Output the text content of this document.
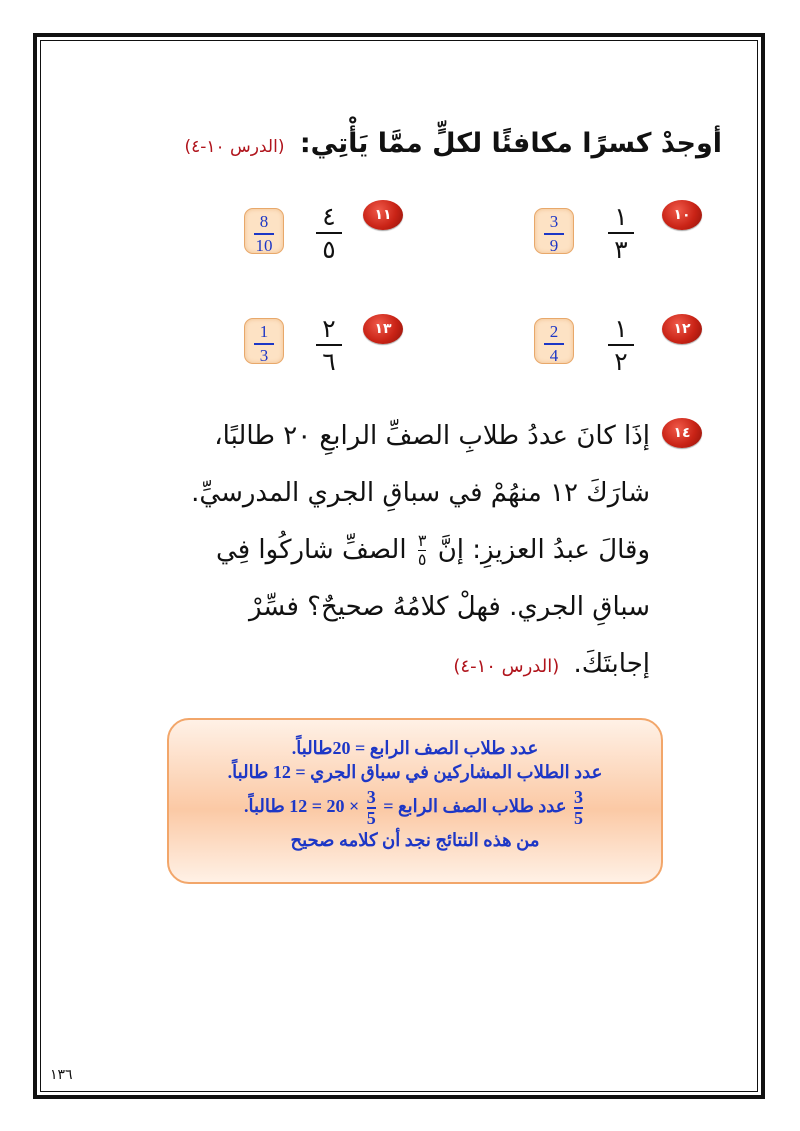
أوجدْ كسرًا مكافئًا لكلٍّ ممَّا يَأْتِي: (الدرس ١٠-٤)
١٠
١
٣
3
9
١١
٤
٥
8
10
١٢
١
٢
2
4
١٣
٢
٦
1
3
١٤
إذَا كانَ عددُ طلابِ الصفِّ الرابعِ ٢٠ طالبًا،
شارَكَ ١٢ منهُمْ في سباقِ الجري المدرسيِّ.
وقالَ عبدُ العزيزِ: إنَّ ٣
٥ الصفِّ شاركُوا فِي
سباقِ الجري. فهلْ كلامُهُ صحيحٌ؟ فسِّرْ
إجابتَكَ. (الدرس ١٠-٤)
عدد طلاب الصف الرابع = 20طالباً.
عدد الطلاب المشاركين في سباق الجري = 12 طالباً.
$\frac{3}{5}$ عدد طلاب الصف الرابع = $\frac{3}{5} \times 20 = 12$ طالباً.
من هذه النتائج نجد أن كلامه صحيح
١٣٦
